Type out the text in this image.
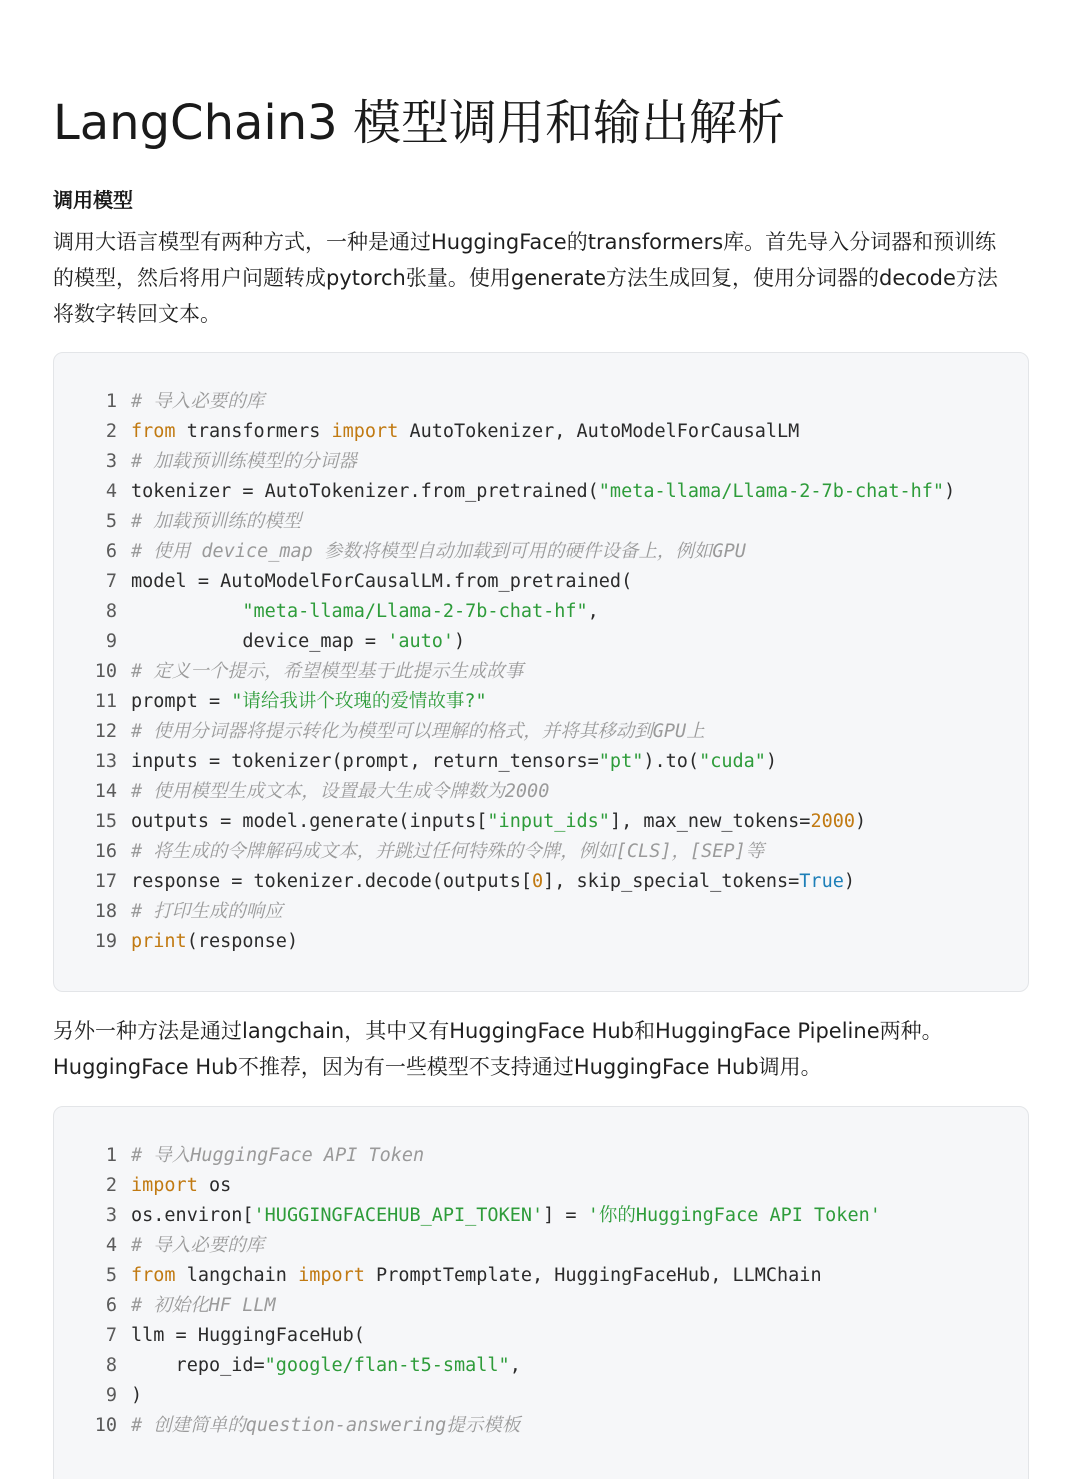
LangChain3 模型调用和输出解析
调用模型
调用大语言模型有两种方式，一种是通过HuggingFace的transformers库。首先导入分词器和预训练
的模型，然后将用户问题转成pytorch张量。使用generate方法生成回复，使用分词器的decode方法
将数字转回文本。
1 # 导入必要的库
2 from transformers import AutoTokenizer, AutoModelForCausalLM
3 # 加载预训练模型的分词器
4 tokenizer = AutoTokenizer.from_pretrained("meta-llama/Llama-2-7b-chat-hf")
5 # 加载预训练的模型
6 # 使用 device_map 参数将模型自动加载到可用的硬件设备上，例如GPU
7 model = AutoModelForCausalLM.from_pretrained(
8	"meta-llama/Llama-2-7b-chat-hf",
9          device_map = 'auto')
10 # 定义一个提示，希望模型基于此提示生成故事
11 prompt = "请给我讲个玫瑰的爱情故事?"
12 # 使用分词器将提示转化为模型可以理解的格式，并将其移动到GPU上
13 inputs = tokenizer(prompt, return_tensors="pt").to("cuda")
14 # 使用模型生成文本，设置最大生成令牌数为2000
15 outputs = model.generate(inputs["input_ids"], max_new_tokens=2000)
16 # 将生成的令牌解码成文本，并跳过任何特殊的令牌，例如[CLS]，[SEP]等
17 response = tokenizer.decode(outputs[0], skip_special_tokens=True)
18 # 打印生成的响应
19 print(response)
另外一种方法是通过langchain，其中又有HuggingFace Hub和HuggingFace Pipeline两种。
HuggingFace Hub不推荐，因为有一些模型不支持通过HuggingFace Hub调用。
1 # 导入HuggingFace API Token
2 import os
3 os.environ['HUGGINGFACEHUB_API_TOKEN'] = '你的HuggingFace API Token'
4 # 导入必要的库
5 from langchain import PromptTemplate, HuggingFaceHub, LLMChain
6 # 初始化HF LLM
7 llm = HuggingFaceHub(
8    repo_id="google/flan-t5-small",
9 )
10 # 创建简单的question-answering提示模板
